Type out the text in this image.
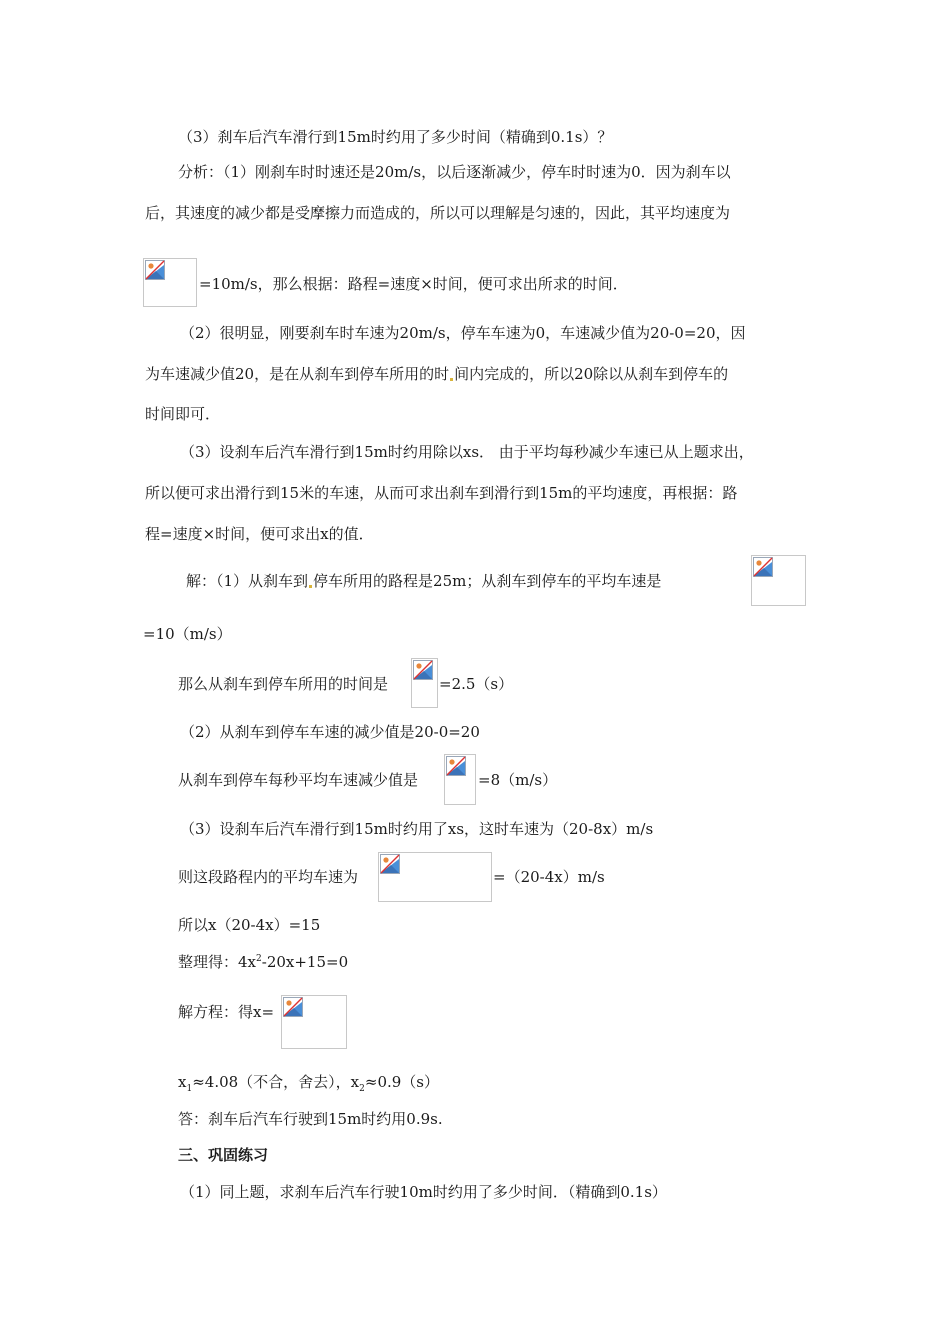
（3）刹车后汽车滑行到15m时约用了多少时间（精确到0.1s）？
分析：（1）刚刹车时时速还是20m/s，以后逐渐减少，停车时时速为0．因为刹车以
后，其速度的减少都是受摩擦力而造成的，所以可以理解是匀速的，因此，其平均速度为
=10m/s，那么根据：路程=速度×时间，便可求出所求的时间．
（2）很明显，刚要刹车时车速为20m/s，停车车速为0，车速减少值为20-0=20，因
为车速减少值20，是在从刹车到停车所用的时 间内完成的，所以20除以从刹车到停车的
时间即可．
（3）设刹车后汽车滑行到15m时约用除以xs． 由于平均每秒减少车速已从上题求出，
所以便可求出滑行到15米的车速，从而可求出刹车到滑行到15m的平均速度，再根据：路
程=速度×时间，便可求出x的值．
解：（1）从刹车到 停车所用的路程是25m；从刹车到停车的平均车速是
=10（m/s）
那么从刹车到停车所用的时间是	=2.5（s）
（2）从刹车到停车车速的减少值是20-0=20
从刹车到停车每秒平均车速减少值是	=8（m/s）
（3）设刹车后汽车滑行到15m时约用了xs，这时车速为（20-8x）m/s
则这段路程内的平均车速为	=（20-4x）m/s
所以x（20-4x）=15
整理得：$4x^2-20x+15=0$
解方程：得x=
$x_1\approx 4.08$（不合，舍去），$x_2\approx 0.9(s)$
答：刹车后汽车行驶到15m时约用0.9s.
三、巩固练习
（1）同上题，求刹车后汽车行驶10m时约用了多少时间．（精确到0.1s）
